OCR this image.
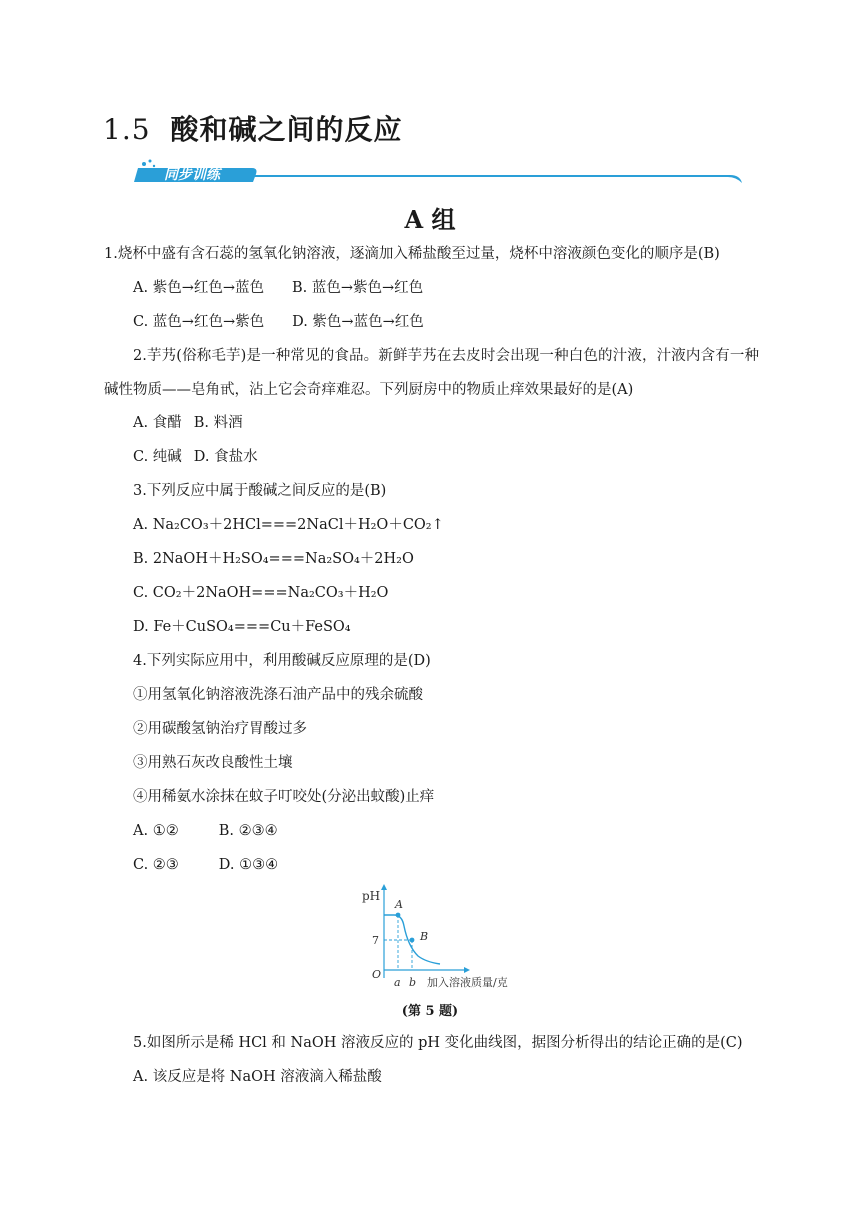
1.5 酸和碱之间的反应
同步训练
A 组
1.烧杯中盛有含石蕊的氢氧化钠溶液，逐滴加入稀盐酸至过量，烧杯中溶液颜色变化的顺序是(B)
A. 紫色→红色→蓝色 B. 蓝色→紫色→红色
C. 蓝色→红色→紫色 D. 紫色→蓝色→红色
2.芋艿(俗称毛芋)是一种常见的食品。新鲜芋艿在去皮时会出现一种白色的汁液，汁液内含有一种碱性物质——皂角甙，沾上它会奇痒难忍。下列厨房中的物质止痒效果最好的是(A)
A. 食醋 B. 料酒
C. 纯碱 D. 食盐水
3.下列反应中属于酸碱之间反应的是(B)
A. Na₂CO₃＋2HCl===2NaCl＋H₂O＋CO₂↑
B. 2NaOH＋H₂SO₄===Na₂SO₄＋2H₂O
C. CO₂＋2NaOH===Na₂CO₃＋H₂O
D. Fe＋CuSO₄===Cu＋FeSO₄
4.下列实际应用中，利用酸碱反应原理的是(D)
①用氢氧化钠溶液洗涤石油产品中的残余硫酸
②用碳酸氢钠治疗胃酸过多
③用熟石灰改良酸性土壤
④用稀氨水涂抹在蚊子叮咬处(分泌出蚊酸)止痒
A. ①②	B. ②③④
C. ②③	D. ①③④
pH
加入溶液质量/克
O
7
a b
A
B
(第 5 题)
5.如图所示是稀 HCl 和 NaOH 溶液反应的 pH 变化曲线图，据图分析得出的结论正确的是(C)
A. 该反应是将 NaOH 溶液滴入稀盐酸
